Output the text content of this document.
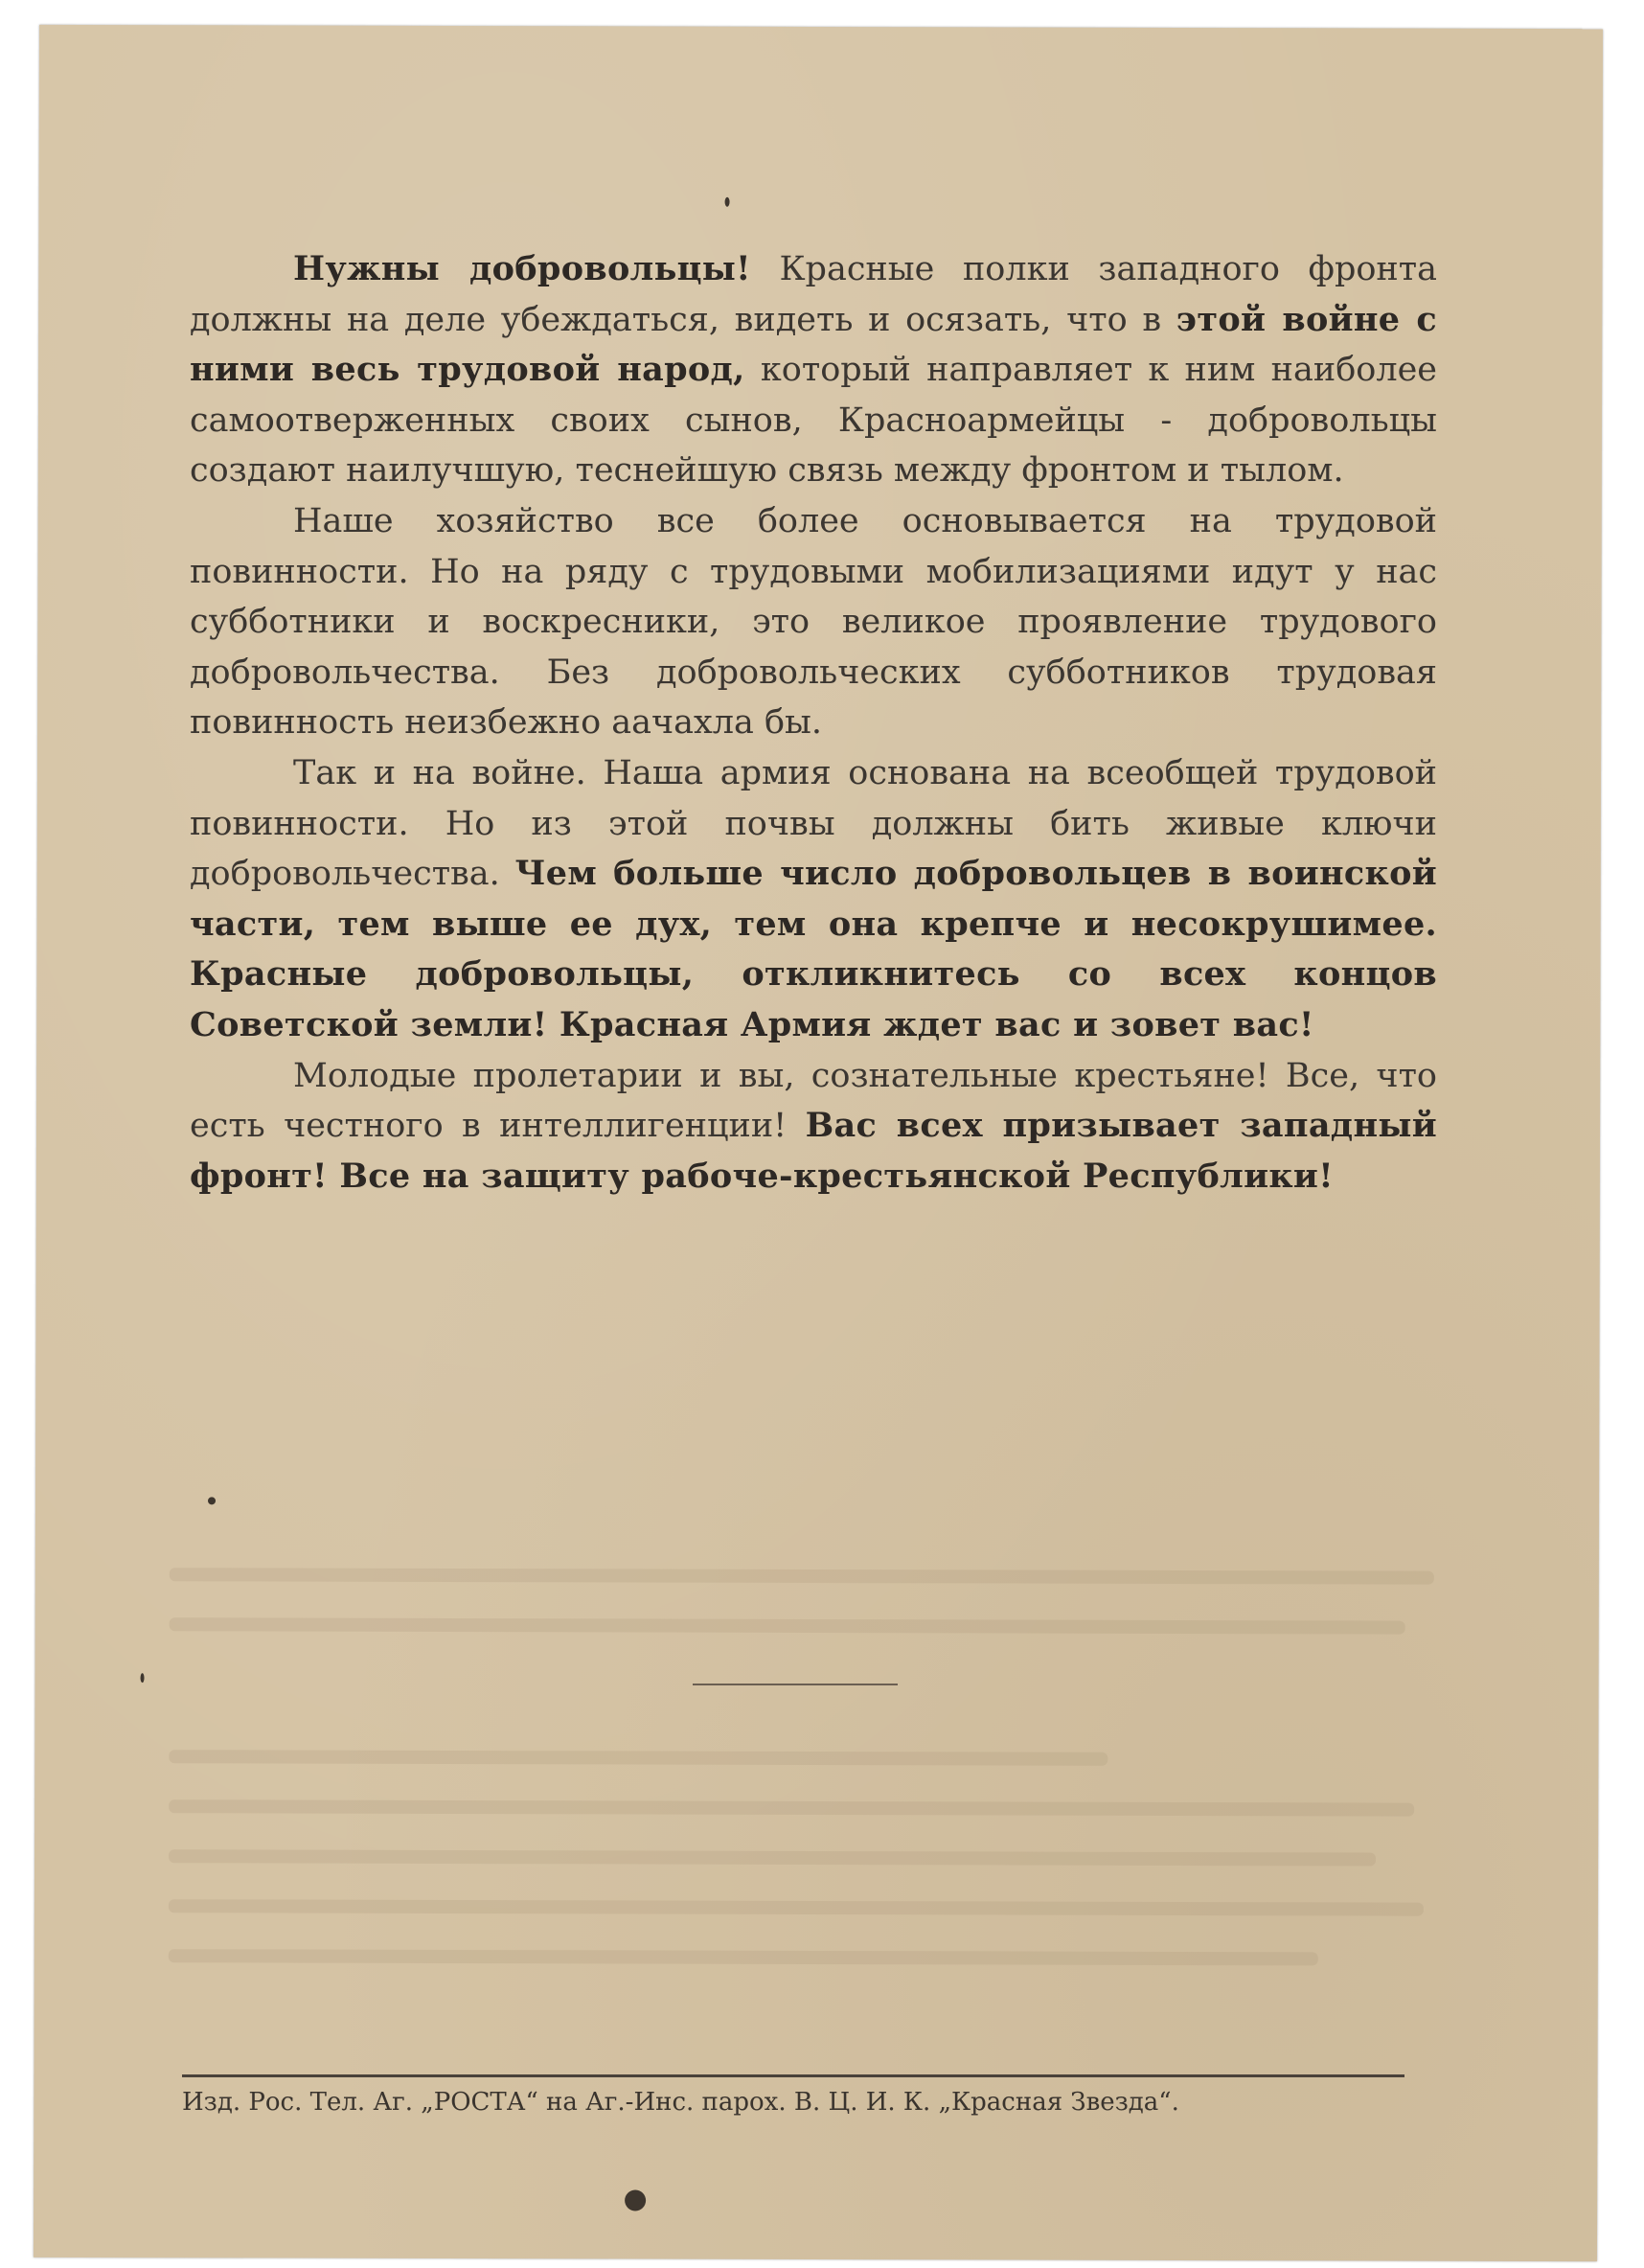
Нужны добровольцы! Красные полки западного фронта должны на деле убеждаться, видеть и осязать, что в этой войне с ними весь трудовой народ, который направляет к ним наиболее самоотверженных своих сынов, Красноармейцы - добровольцы создают наилучшую, теснейшую связь между фронтом и тылом.

Наше хозяйство все более основывается на трудовой повинности. Но на ряду с трудовыми мобилизациями идут у нас субботники и воскресники, это великое проявление трудового добровольчества. Без добровольческих субботников трудовая повинность неизбежно аачахла бы.

Так и на войне. Наша армия основана на всеобщей трудовой повинности. Но из этой почвы должны бить живые ключи добровольчества. Чем больше число добровольцев в воинской части, тем выше ее дух, тем она крепче и несокрушимее. Красные добровольцы, откликнитесь со всех концов Советской земли! Красная Армия ждет вас и зовет вас!

Молодые пролетарии и вы, сознательные крестьяне! Все, что есть честного в интеллигенции! Вас всех призывает западный фронт! Все на защиту рабоче-крестьянской Республики!

Изд. Рос. Тел. Аг. „РОСТА“ на Аг.-Инс. парох. В. Ц. И. К. „Красная Звезда“.
